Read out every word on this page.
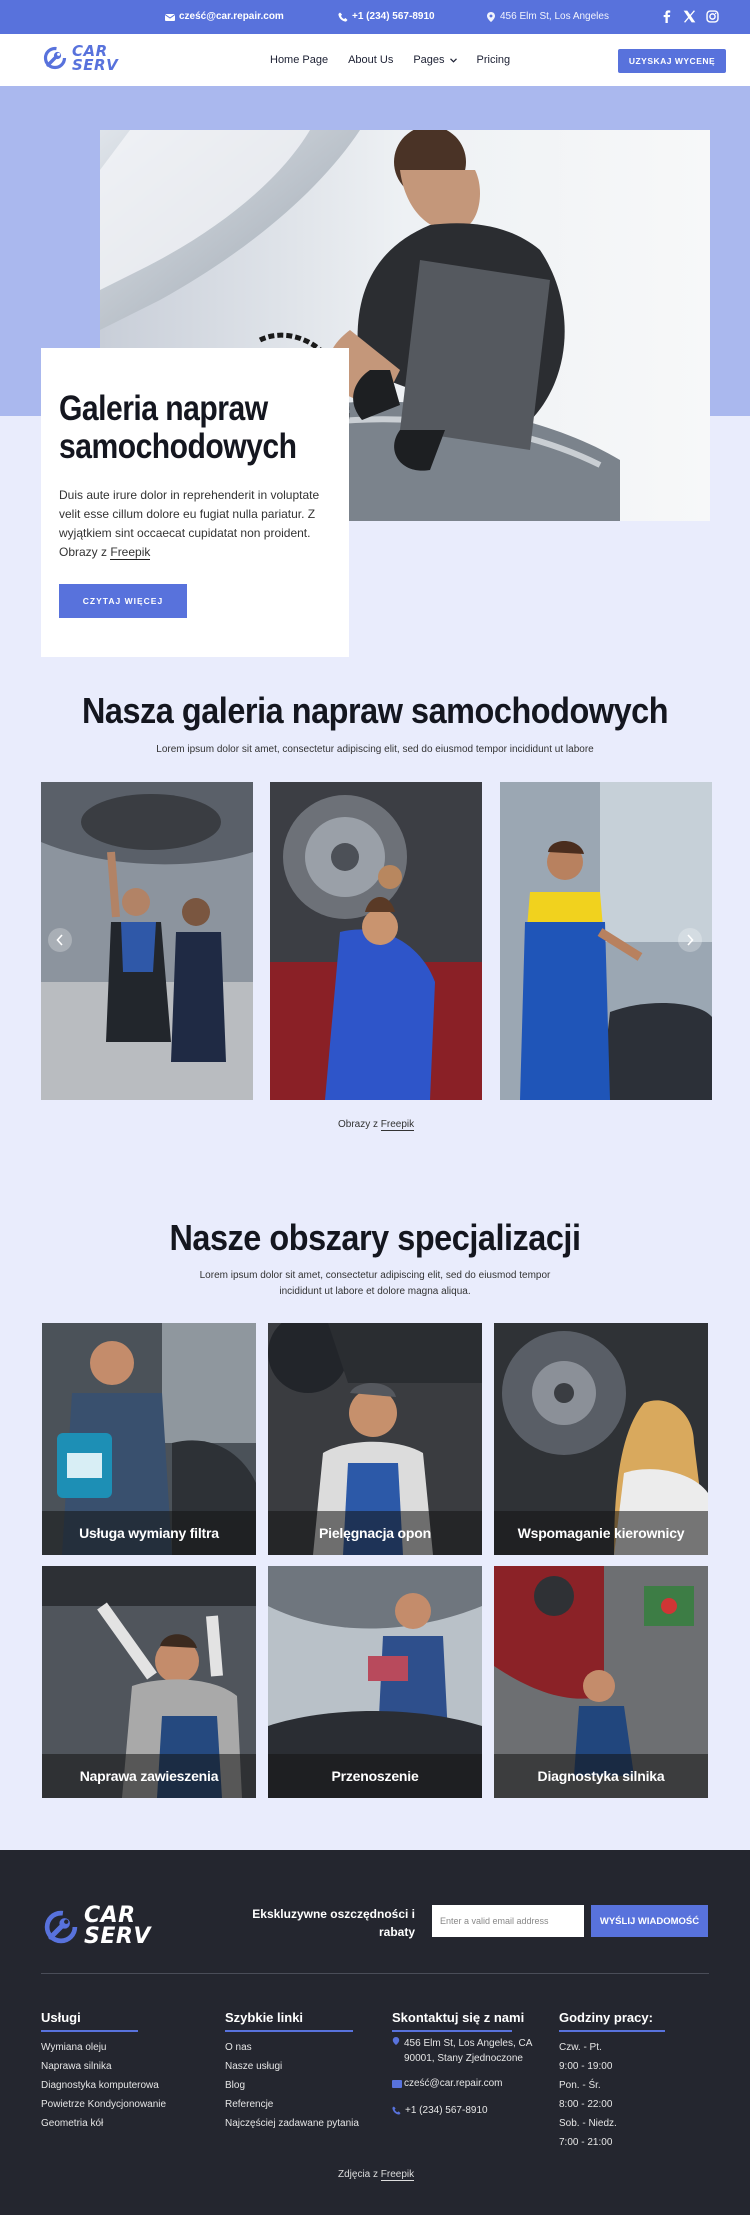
cześć@car.repair.com	+1 (234) 567-8910	456 Elm St, Los Angeles
CAR
SERV	Home Page About Us Pages	Pricing	UZYSKAJ WYCENĘ
Galeria napraw samochodowych

Duis aute irure dolor in reprehenderit in voluptate velit esse cillum dolore eu fugiat nulla pariatur. Z wyjątkiem sint occaecat cupidatat non proident. Obrazy z Freepik

CZYTAJ WIĘCEJ
Nasza galeria napraw samochodowych
Lorem ipsum dolor sit amet, consectetur adipiscing elit, sed do eiusmod tempor incididunt ut labore
Obrazy z Freepik
Nasze obszary specjalizacji
Lorem ipsum dolor sit amet, consectetur adipiscing elit, sed do eiusmod tempor
incididunt ut labore et dolore magna aliqua.
Usługa wymiany filtra	Pielęgnacja opon	Wspomaganie kierownicy
Naprawa zawieszenia	Przenoszenie	Diagnostyka silnika
CAR
SERV
Ekskluzywne oszczędności i
rabaty
Enter a valid email address	WYŚLIJ WIADOMOŚĆ
Usługi
Wymiana oleju
Naprawa silnika
Diagnostyka komputerowa
Powietrze Kondycjonowanie
Geometria kół
Szybkie linki
O nas
Nasze usługi
Blog
Referencje
Najczęściej zadawane pytania
Skontaktuj się z nami
456 Elm St, Los Angeles, CA
90001, Stany Zjednoczone
cześć@car.repair.com
+1 (234) 567-8910
Godziny pracy:
Czw. - Pt.
9:00 - 19:00
Pon. - Śr.
8:00 - 22:00
Sob. - Niedz.
7:00 - 21:00
Zdjęcia z Freepik
